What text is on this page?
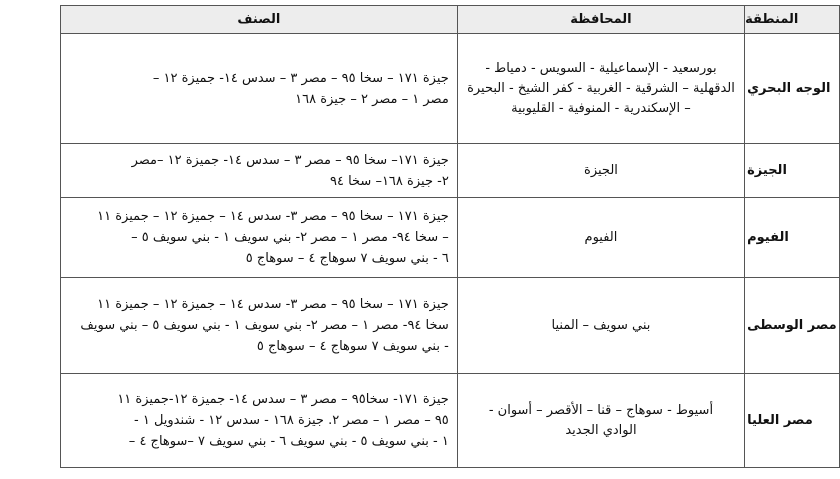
المنطقة	المحافظة	الصنف
الوجه البحري	بورسعيد - الإسماعيلية - السويس - دمياط -
الدقهلية – الشرقية - الغربية - كفر الشيخ - البحيرة
– الإسكندرية - المنوفية - القليوبية	جيزة ١٧١ – سخا ٩٥ – مصر ٣ – سدس ١٤- جميزة ١٢ –
مصر ١ – مصر ٢ – جيزة ١٦٨

الجيزة	الجيزة	جيزة ١٧١– سخا ٩٥ – مصر ٣ – سدس ١٤- جميزة ١٢ –مصر
٢- جيزة ١٦٨– سخا ٩٤

الفيوم	الفيوم	جيزة ١٧١ – سخا ٩٥ – مصر ٣- سدس ١٤ – جميزة ١٢ – جميزة ١١
– سخا ٩٤- مصر ١ – مصر ٢- بني سويف ١ - بني سويف ٥ –
٦ - بني سويف ٧ سوهاج ٤ – سوهاج ٥

مصر الوسطى	بني سويف – المنيا	جيزة ١٧١ – سخا ٩٥ – مصر ٣- سدس ١٤ – جميزة ١٢ – جميزة ١١
سخا ٩٤- مصر ١ – مصر ٢- بني سويف ١ - بني سويف ٥ – بني سويف
- بني سويف ٧ سوهاج ٤ – سوهاج ٥

مصر العليا	أسيوط - سوهاج – قنا – الأقصر – أسوان -
الوادي الجديد	جيزة ١٧١- سخا٩٥ – مصر ٣ – سدس ١٤- جميزة ١٢-جميزة ١١
٩٥ – مصر ١ – مصر ٢. جيزة ١٦٨ - سدس ١٢ - شندويل ١ -
١ - بني سويف ٥ - بني سويف ٦ - بني سويف ٧ –سوهاج ٤ –
